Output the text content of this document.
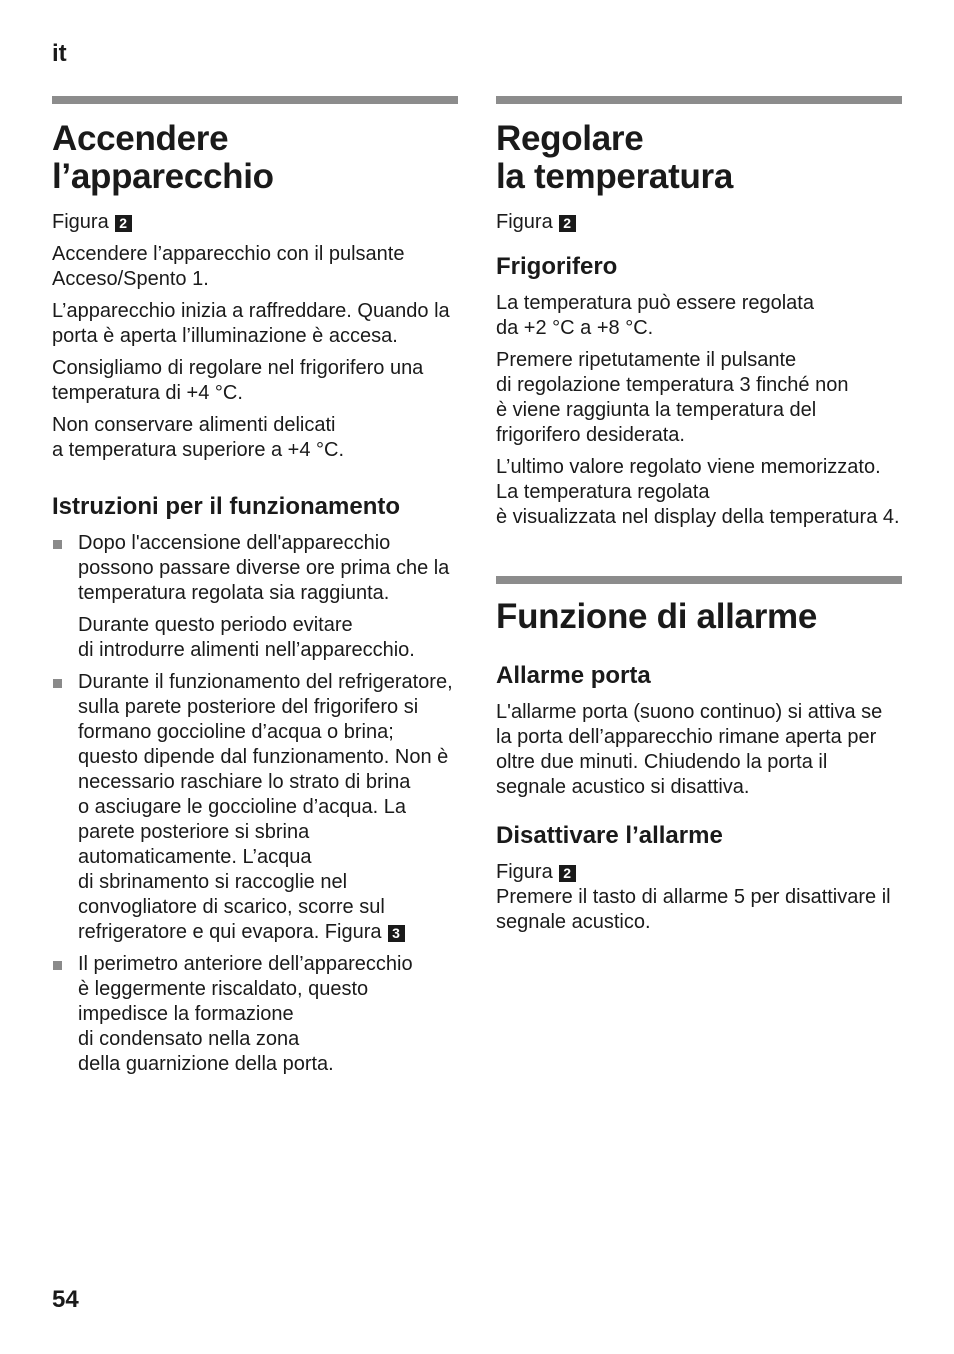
it
Accendere
l’apparecchio
Figura 2

Accendere l’apparecchio con il pulsante Acceso/Spento 1.

L’apparecchio inizia a raffreddare. Quando la porta è aperta l’illuminazione è accesa.

Consigliamo di regolare nel frigorifero una temperatura di +4 °C.

Non conservare alimenti delicati
a temperatura superiore a +4 °C.

Istruzioni per il funzionamento

Dopo l'accensione dell'apparecchio possono passare diverse ore prima che la temperatura regolata sia raggiunta.

Durante questo periodo evitare
di introdurre alimenti nell’apparecchio.

Durante il funzionamento del refrigeratore, sulla parete posteriore del frigorifero si formano goccioline d’acqua o brina; questo dipende dal funzionamento. Non è necessario raschiare lo strato di brina
o asciugare le goccioline d’acqua. La parete posteriore si sbrina automaticamente. L’acqua
di sbrinamento si raccoglie nel convogliatore di scarico, scorre sul refrigeratore e qui evapora. Figura 3

Il perimetro anteriore dell’apparecchio
è leggermente riscaldato, questo impedisce la formazione
di condensato nella zona
della guarnizione della porta.

Regolare
la temperatura
Figura 2
Frigorifero

La temperatura può essere regolata
da +2 °C a +8 °C.

Premere ripetutamente il pulsante
di regolazione temperatura 3 finché non
è viene raggiunta la temperatura del frigorifero desiderata.

L’ultimo valore regolato viene memorizzato. La temperatura regolata
è visualizzata nel display della temperatura 4.

Funzione di allarme
Allarme porta

L'allarme porta (suono continuo) si attiva se la porta dell’apparecchio rimane aperta per oltre due minuti. Chiudendo la porta il segnale acustico si disattiva.

Disattivare l’allarme
Figura 2

Premere il tasto di allarme 5 per disattivare il segnale acustico.

54
